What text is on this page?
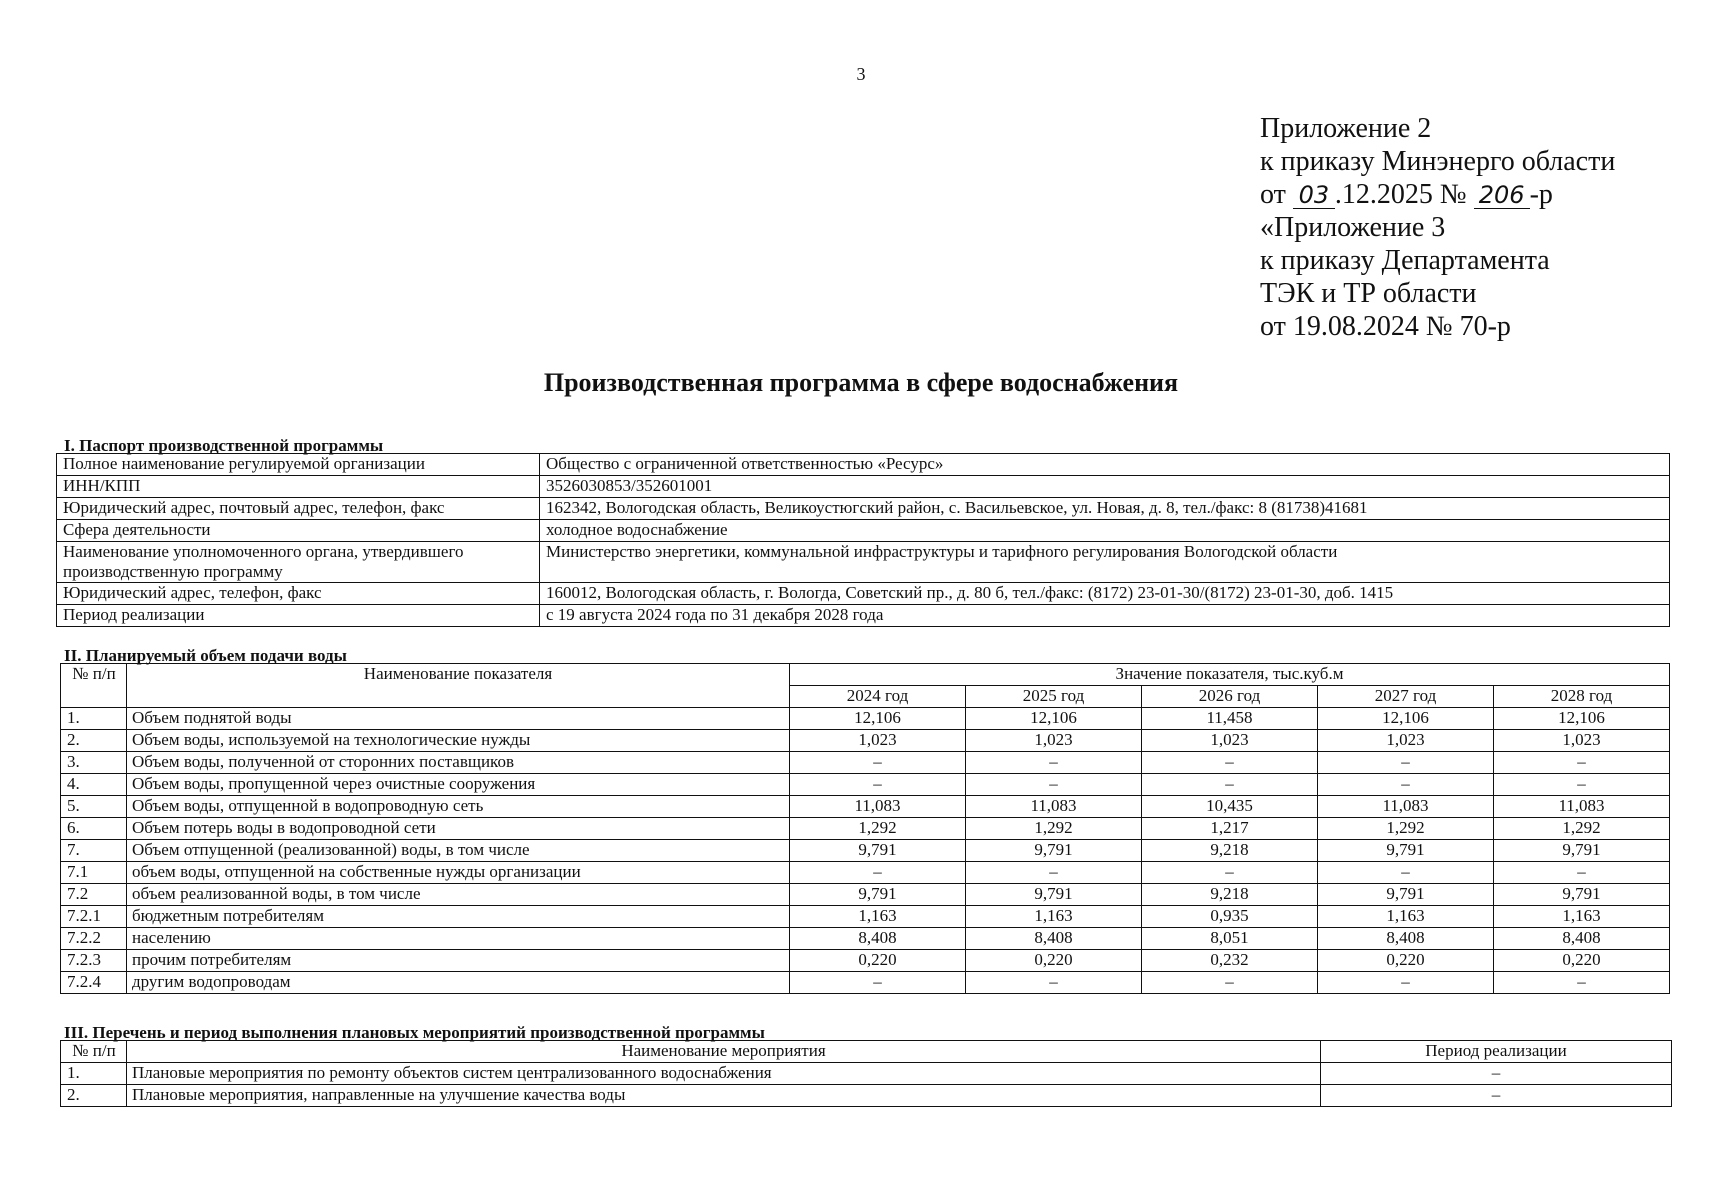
3
Приложение 2
к приказу Минэнерго области
от 03 .12.2025 № 206 -р
«Приложение 3
к приказу Департамента
ТЭК и ТР области
от 19.08.2024 № 70-р
Производственная программа в сфере водоснабжения
I. Паспорт производственной программы
Полное наименование регулируемой организации	Общество с ограниченной ответственностью «Ресурс»
ИНН/КПП	3526030853/352601001
Юридический адрес, почтовый адрес, телефон, факс	162342, Вологодская область, Великоустюгский район, с. Васильевское, ул. Новая, д. 8, тел./факс: 8 (81738)41681
Сфера деятельности	холодное водоснабжение
Наименование уполномоченного органа, утвердившего производственную программу	Министерство энергетики, коммунальной инфраструктуры и тарифного регулирования Вологодской области
Юридический адрес, телефон, факс	160012, Вологодская область, г. Вологда, Советский пр., д. 80 б, тел./факс: (8172) 23-01-30/(8172) 23-01-30, доб. 1415
Период реализации	с 19 августа 2024 года по 31 декабря 2028 года
II. Планируемый объем подачи воды
№ п/п	Наименование показателя	Значение показателя, тыс.куб.м				
		2024 год	2025 год	2026 год	2027 год	2028 год
1.	Объем поднятой воды	12,106	12,106	11,458	12,106	12,106
2.	Объем воды, используемой на технологические нужды	1,023	1,023	1,023	1,023	1,023
3.	Объем воды, полученной от сторонних поставщиков	–	–	–	–	–
4.	Объем воды, пропущенной через очистные сооружения	–	–	–	–	–
5.	Объем воды, отпущенной в водопроводную сеть	11,083	11,083	10,435	11,083	11,083
6.	Объем потерь воды в водопроводной сети	1,292	1,292	1,217	1,292	1,292
7.	Объем отпущенной (реализованной) воды, в том числе	9,791	9,791	9,218	9,791	9,791
7.1	объем воды, отпущенной на собственные нужды организации	–	–	–	–	–
7.2	объем реализованной воды, в том числе	9,791	9,791	9,218	9,791	9,791
7.2.1	бюджетным потребителям	1,163	1,163	0,935	1,163	1,163
7.2.2	населению	8,408	8,408	8,051	8,408	8,408
7.2.3	прочим потребителям	0,220	0,220	0,232	0,220	0,220
7.2.4	другим водопроводам	–	–	–	–	–
III. Перечень и период выполнения плановых мероприятий производственной программы
№ п/п	Наименование мероприятия	Период реализации
1.	Плановые мероприятия по ремонту объектов систем централизованного водоснабжения	–
2.	Плановые мероприятия, направленные на улучшение качества воды	–
